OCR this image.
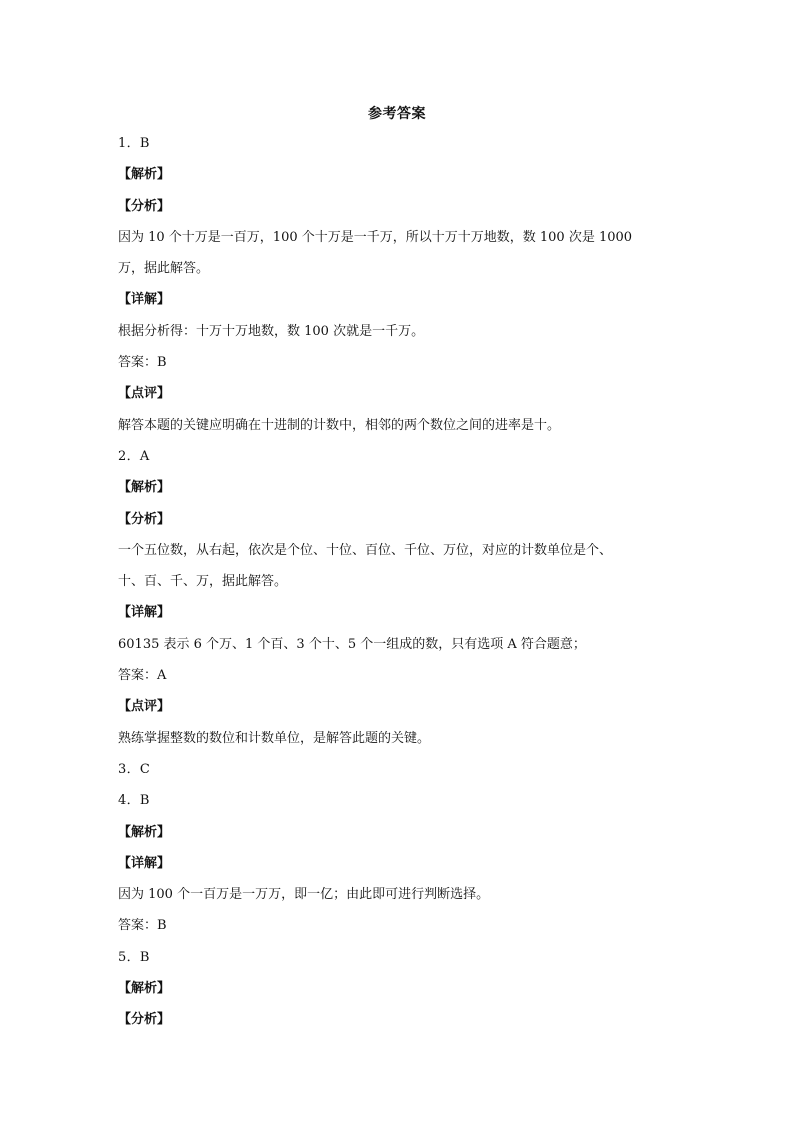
参考答案
1．B
【解析】
【分析】
因为 10 个十万是一百万，100 个十万是一千万，所以十万十万地数，数 100 次是 1000
万，据此解答。
【详解】
根据分析得：十万十万地数，数 100 次就是一千万。
答案：B
【点评】
解答本题的关键应明确在十进制的计数中，相邻的两个数位之间的进率是十。
2．A
【解析】
【分析】
一个五位数，从右起，依次是个位、十位、百位、千位、万位，对应的计数单位是个、
十、百、千、万，据此解答。
【详解】
60135 表示 6 个万、1 个百、3 个十、5 个一组成的数，只有选项 A 符合题意；
答案：A
【点评】
熟练掌握整数的数位和计数单位，是解答此题的关键。
3．C
4．B
【解析】
【详解】
因为 100 个一百万是一万万，即一亿；由此即可进行判断选择。
答案：B
5．B
【解析】
【分析】
